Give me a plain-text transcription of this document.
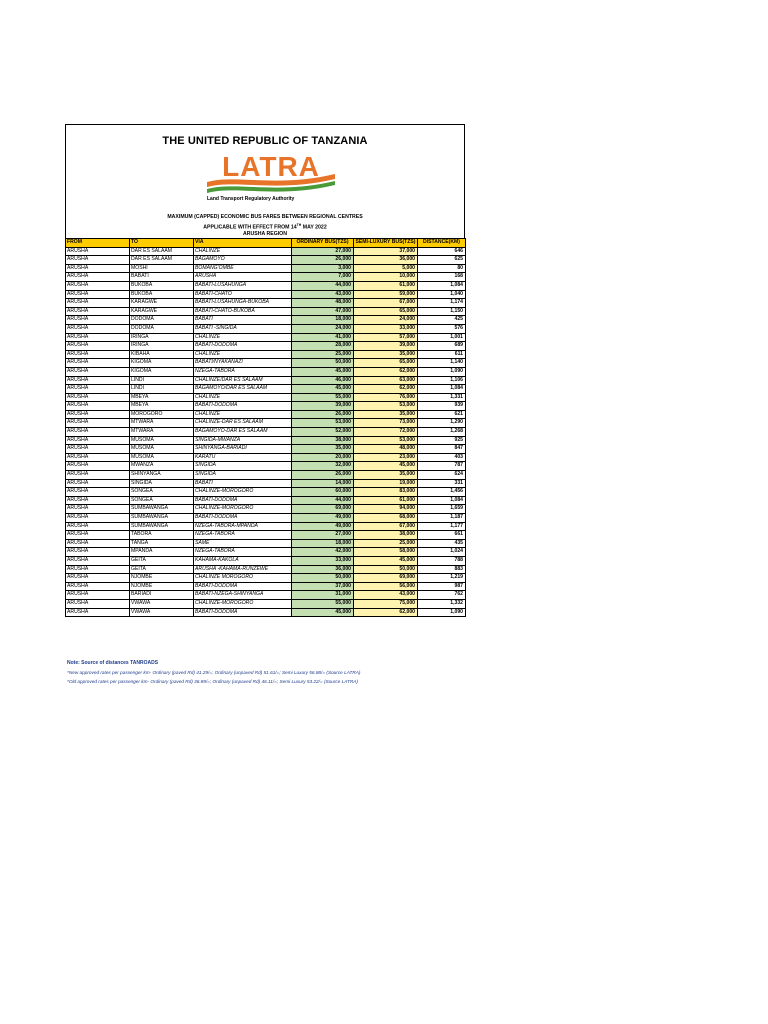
THE UNITED REPUBLIC OF TANZANIA
LATRA
Land Transport Regulatory Authority
MAXIMUM (CAPPED) ECONOMIC BUS FARES BETWEEN REGIONAL CENTRES
APPLICABLE WITH EFFECT FROM 14TH MAY 2022
ARUSHA REGION
FROM	TO	VIA	ORDINARY BUS(TZS)	SEMI-LUXURY BUS(TZS)	DISTANCE(KM)
ARUSHA	DAR ES SALAAM	CHALINZE	27,000	37,000	646
ARUSHA	DAR ES SALAAM	BAGAMOYO	26,000	36,000	625
ARUSHA	MOSHI	BOMANG'OMBE	3,000	5,000	80
ARUSHA	BABATI	ARUSHA	7,000	10,000	168
ARUSHA	BUKOBA	BABATI-LUSAHUNGA	44,000	61,000	1,084
ARUSHA	BUKOBA	BABATI-CHATO	43,000	59,000	1,040
ARUSHA	KARAGWE	BABATI-LUSAHUNGA-BUKOBA	48,000	67,000	1,174
ARUSHA	KARAGWE	BABATI-CHATO-BUKOBA	47,000	65,000	1,150
ARUSHA	DODOMA	BABATI	18,000	24,000	425
ARUSHA	DODOMA	BABATI -SINGIDA	24,000	33,000	576
ARUSHA	IRINGA	CHALINZE	41,000	57,000	1,001
ARUSHA	IRINGA	BABATI-DODOMA	28,000	39,000	689
ARUSHA	KIBAHA	CHALINZE	25,000	35,000	611
ARUSHA	KIGOMA	BABATI/NYAKANAZI	50,000	65,000	1,140
ARUSHA	KIGOMA	NZEGA-TABORA	45,000	62,000	1,090
ARUSHA	LINDI	CHALINZE/DAR ES SALAAM	46,000	63,000	1,106
ARUSHA	LINDI	BAGAMOYO/DAR ES SALAAM	45,000	62,000	1,084
ARUSHA	MBEYA	CHALINZE	55,000	76,000	1,331
ARUSHA	MBEYA	BABATI-DODOMA	39,000	53,000	939
ARUSHA	MOROGORO	CHALINZE	26,000	35,000	621
ARUSHA	MTWARA	CHALINZE-DAR ES SALAAM	53,000	73,000	1,290
ARUSHA	MTWARA	BAGAMOYO-DAR ES SALAAM	52,000	72,000	1,268
ARUSHA	MUSOMA	SINGIDA-MWANZA	38,000	53,000	925
ARUSHA	MUSOMA	SHINYANGA-BARIADI	35,000	48,000	847
ARUSHA	MUSOMA	KARATU	20,000	23,000	403
ARUSHA	MWANZA	SINGIDA	32,000	45,000	787
ARUSHA	SHINYANGA	SINGIDA	26,000	35,000	624
ARUSHA	SINGIDA	BABATI	14,000	19,000	331
ARUSHA	SONGEA	CHALINZE-MOROGORO	60,000	83,000	1,456
ARUSHA	SONGEA	BABATI-DODOMA	44,000	61,000	1,084
ARUSHA	SUMBAWANGA	CHALINZE-MOROGORO	69,000	94,000	1,659
ARUSHA	SUMBAWANGA	BABATI-DODOMA	49,000	68,000	1,187
ARUSHA	SUMBAWANGA	NZEGA-TABORA-MPANDA	49,000	67,000	1,177
ARUSHA	TABORA	NZEGA-TABORA	27,000	38,000	661
ARUSHA	TANGA	SAME	18,000	25,000	435
ARUSHA	MPANDA	NZEGA-TABORA	42,000	58,000	1,024
ARUSHA	GEITA	KAHAMA-KAKOLA	33,000	45,000	788
ARUSHA	GEITA	ARUSHA -KAHAMA-RUNZEWE	36,000	50,000	883
ARUSHA	NJOMBE	CHALINZE MOROGORO	50,000	69,000	1,219
ARUSHA	NJOMBE	BABATI-DODOMA	37,000	56,000	987
ARUSHA	BARIADI	BABATI-NZEGA-SHINYANGA	31,000	43,000	762
ARUSHA	VWAWA	CHALINZE-MOROGORO	55,000	75,000	1,332
ARUSHA	VWAWA	BABATI-DODOMA	45,000	62,000	1,090
Note: Source of distances TANROADS
*New approved rates per passenger km- Ordinary (paved Rd) 41.29/=; Ordinary (unpaved Rd) 51.61/=; Semi Luxury 56.88/= (Source LATRA)
*Old approved rates per passenger km- Ordinary (paved Rd) 36.89/=; Ordinary (unpaved Rd) 46.11/=; Semi Luxury 53.22/= (Source LATRA)
